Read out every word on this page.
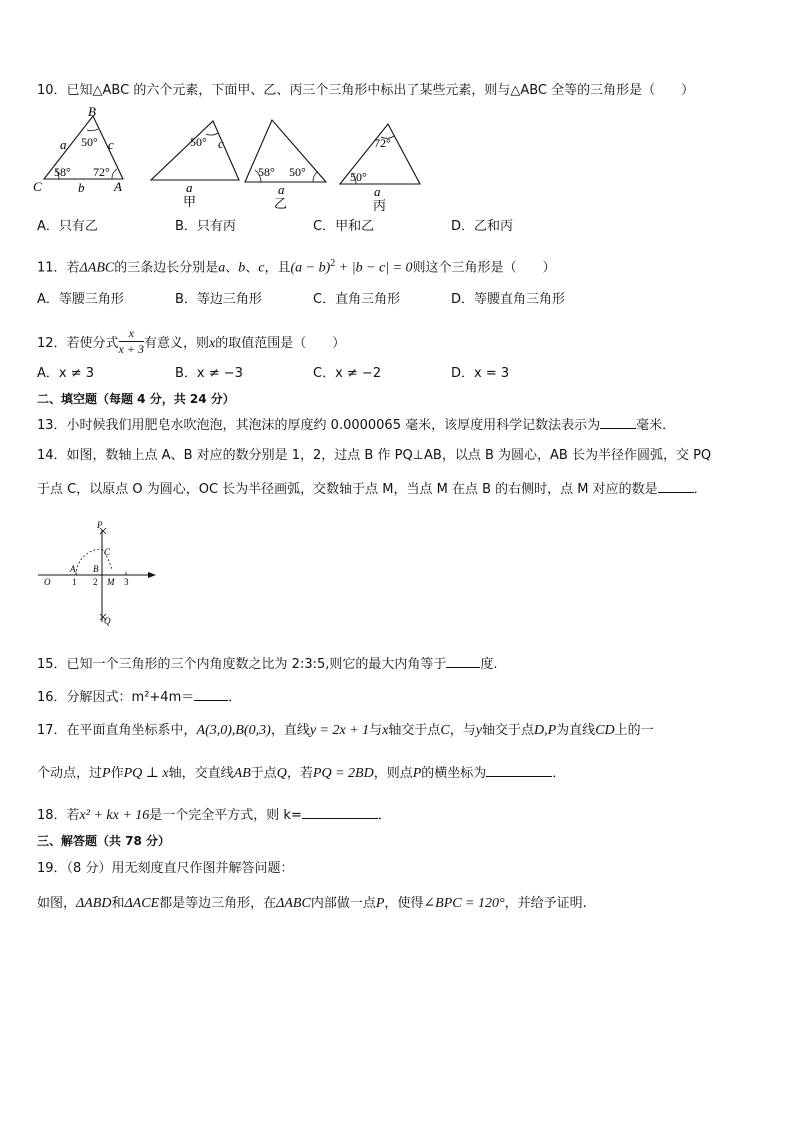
10．已知△ABC 的六个元素，下面甲、乙、丙三个三角形中标出了某些元素，则与△ABC 全等的三角形是（　　）
B
C	A
a
b
c
50°
72°
58°
50° c
a
甲
58° 50°
a
乙
72°
50°
a
丙
A．只有乙	B．只有丙	C．甲和乙	D．乙和丙
11．若ΔABC的三条边长分别是a、b、c，且$(a - b)^2 + |b - c| = 0$则这个三角形是（　　）
A．等腰三角形	B．等边三角形	C．直角三角形	D．等腰直角三角形
12．若使分式 $\frac{x}{x + 3}$ 有意义，则x的取值范围是（　　）
A．x ≠ 3	B．x ≠ −3	C．x ≠ −2	D．x = 3
二、填空题（每题 4 分，共 24 分）
13．小时候我们用肥皂水吹泡泡，其泡沫的厚度约 0.0000065 毫米，该厚度用科学记数法表示为	毫米．
14．如图，数轴上点 A、B 对应的数分别是 1，2，过点 B 作 PQ⊥AB，以点 B 为圆心，AB 长为半径作圆弧，交 PQ
于点 C，以原点 O 为圆心，OC 长为半径画弧，交数轴于点 M，当点 M 在点 B 的右侧时，点 M 对应的数是	．
P
C
A B
O 1 2 M 3
Q
15．已知一个三角形的三个内角度数之比为 2:3:5,则它的最大内角等于	度.
16．分解因式：m²+4m＝	．
17．在平面直角坐标系中，A(3,0),B(0,3)，直线y = 2x + 1与x轴交于点C，与y轴交于点D,P为直线CD上的一
个动点，过P作PQ ⊥ x轴，交直线AB于点Q，若PQ = 2BD，则点P的横坐标为	．
18．若x² + kx + 16是一个完全平方式，则 k=	．
三、解答题（共 78 分）
19．（8 分）用无刻度直尺作图并解答问题：
如图，ΔABD和ΔACE都是等边三角形，在ΔABC内部做一点P，使得∠BPC = 120°，并给予证明.
